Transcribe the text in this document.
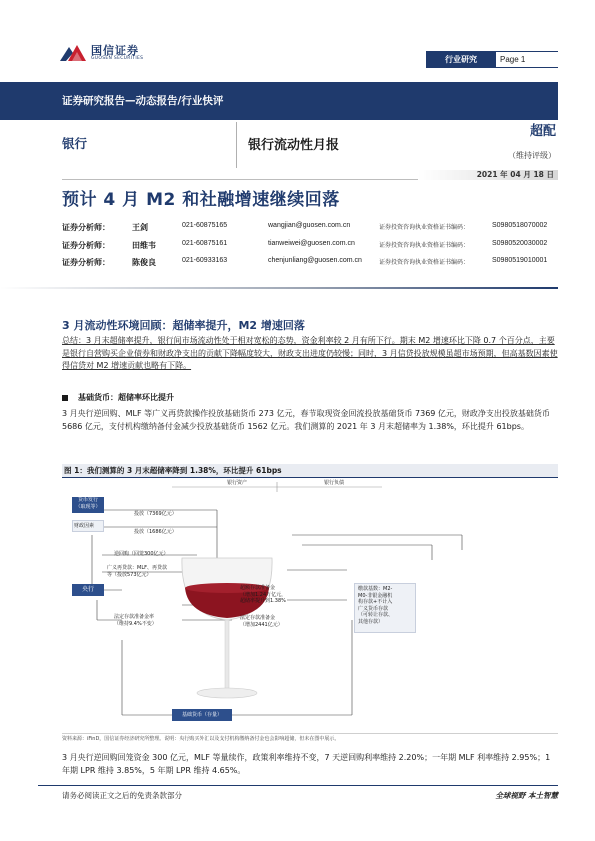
国信证券
GUOSEN SECURITIES	行业研究	Page 1
证券研究报告—动态报告/行业快评
银行	银行流动性月报
超配
（维持评级）
2021 年 04 月 18 日
预计 4 月 M2 和社融增速继续回落
证券分析师：	王剑	021-60875165	wangjian@guosen.com.cn	证券投资咨询执业资格证书编码：	S0980518070002
证券分析师：	田维韦	021-60875161	tianweiwei@guosen.com.cn	证券投资咨询执业资格证书编码：	S0980520030002
证券分析师：	陈俊良	021-60933163	chenjunliang@guosen.com.cn	证券投资咨询执业资格证书编码：	S0980519010001
3 月流动性环境回顾：超储率提升，M2 增速回落
总结：3 月末超储率提升，银行间市场流动性处于相对宽松的态势，资金利率较 2 月有所下行。期末 M2 增速环比下降 0.7 个百分点，主要是银行自营购买企业债券和财政净支出的贡献下降幅度较大，财政支出进度仍较慢；同时，3 月信贷投放规模虽超市场预期，但高基数因素使得信贷对 M2 增速贡献也略有下降。
基础货币：超储率环比提升
3 月央行逆回购、MLF 等广义再贷款操作投放基础货币 273 亿元，春节取现资金回流投放基础货币 7369 亿元，财政净支出投放基础货币 5686 亿元，支付机构缴纳备付金减少投放基础货币 1562 亿元。我们测算的 2021 年 3 月末超储率为 1.38%，环比提升 61bps。
图 1：我们测算的 3 月末超储率降到 1.38%，环比提升 61bps
银行资产	银行负债
货币发行
（取现等）
财政因素
央行
投放（7369亿元）
投放（1686亿元）
逆回购（回笼300亿元）
广义再贷款：MLF、再贷款
等（投放573亿元）
法定存款准备金率
（维持9.4%不变）
超额存款准备金
（增加1.24万亿元，
超储率提升到1.38%
法定存款准备金
（增加2441亿元）
缴款基数：M2-
M0-非银金融机
构存款+不计入
广义货币存款
（可转让存款、
其他存款）
基础货币（存量）
资料来源：iFinD，国信证券经济研究所整理。说明：央行购买外汇以及支付机构缴纳备付金也会影响超储，但未在图中展示。
3 月央行逆回购回笼资金 300 亿元，MLF 等量续作，政策利率维持不变，7 天逆回购利率维持 2.20%；一年期 MLF 利率维持 2.95%；1 年期 LPR 维持 3.85%，5 年期 LPR 维持 4.65%。
请务必阅读正文之后的免责条款部分	全球视野 本土智慧
